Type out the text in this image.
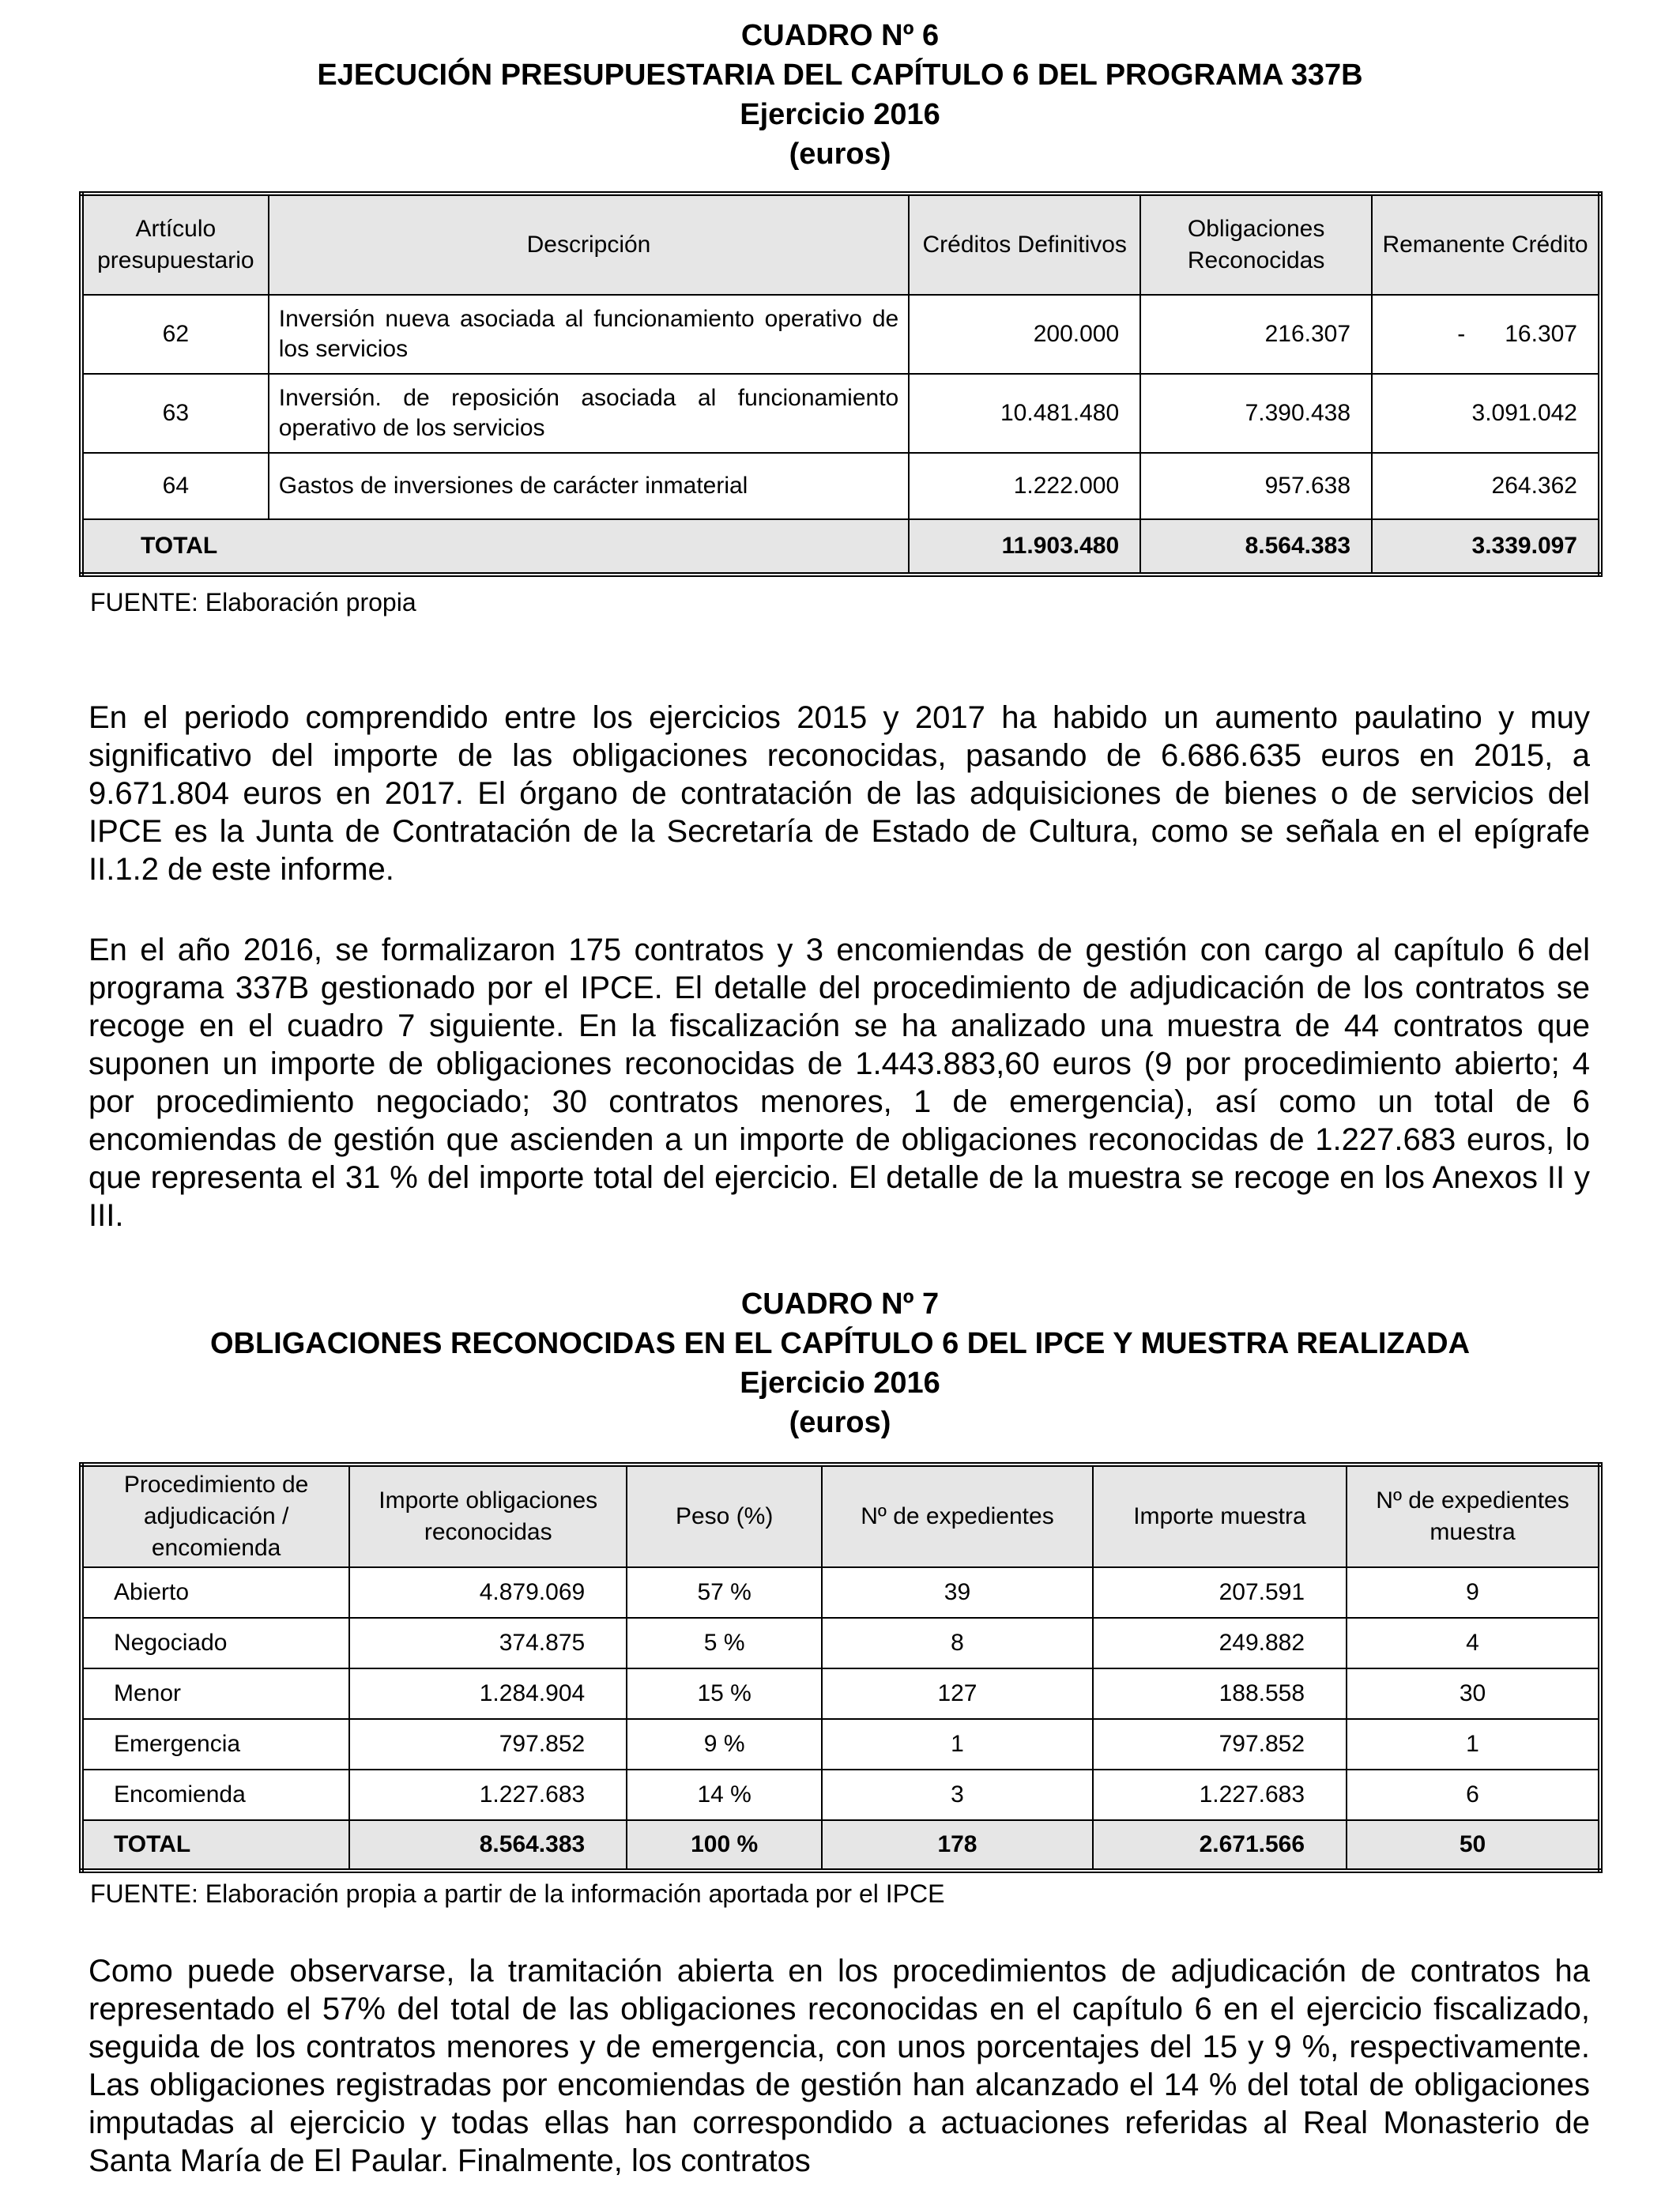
CUADRO Nº 6
EJECUCIÓN PRESUPUESTARIA DEL CAPÍTULO 6 DEL PROGRAMA 337B
Ejercicio 2016
(euros)
Artículo presupuestario	Descripción	Créditos Definitivos	Obligaciones Reconocidas	Remanente Crédito
62	Inversión nueva asociada al funcionamiento operativo de los servicios	200.000	216.307	-      16.307
63	Inversión. de reposición asociada al funcionamiento operativo de los servicios	10.481.480	7.390.438	3.091.042
64	Gastos de inversiones de carácter inmaterial	1.222.000	957.638	264.362
TOTAL		11.903.480	8.564.383	3.339.097
FUENTE: Elaboración propia

En el periodo comprendido entre los ejercicios 2015 y 2017 ha habido un aumento paulatino y muy significativo del importe de las obligaciones reconocidas, pasando de 6.686.635 euros en 2015, a 9.671.804 euros en 2017. El órgano de contratación de las adquisiciones de bienes o de servicios del IPCE es la Junta de Contratación de la Secretaría de Estado de Cultura, como se señala en el epígrafe II.1.2 de este informe.

En el año 2016, se formalizaron 175 contratos y 3 encomiendas de gestión con cargo al capítulo 6 del programa 337B gestionado por el IPCE. El detalle del procedimiento de adjudicación de los contratos se recoge en el cuadro 7 siguiente. En la fiscalización se ha analizado una muestra de 44 contratos que suponen un importe de obligaciones reconocidas de 1.443.883,60 euros (9 por procedimiento abierto; 4 por procedimiento negociado; 30 contratos menores, 1 de emergencia), así como un total de 6 encomiendas de gestión que ascienden a un importe de obligaciones reconocidas de 1.227.683 euros, lo que representa el 31 % del importe total del ejercicio. El detalle de la muestra se recoge en los Anexos II y III.

CUADRO Nº 7
OBLIGACIONES RECONOCIDAS EN EL CAPÍTULO 6 DEL IPCE Y MUESTRA REALIZADA
Ejercicio 2016
(euros)
Procedimiento de adjudicación / encomienda	Importe obligaciones reconocidas	Peso (%)	Nº de expedientes	Importe muestra	Nº de expedientes muestra
Abierto	4.879.069	57 %	39	207.591	9
Negociado	374.875	5 %	8	249.882	4
Menor	1.284.904	15 %	127	188.558	30
Emergencia	797.852	9 %	1	797.852	1
Encomienda	1.227.683	14 %	3	1.227.683	6
TOTAL	8.564.383	100 %	178	2.671.566	50
FUENTE: Elaboración propia a partir de la información aportada por el IPCE

Como puede observarse, la tramitación abierta en los procedimientos de adjudicación de contratos ha representado el 57% del total de las obligaciones reconocidas en el capítulo 6 en el ejercicio fiscalizado, seguida de los contratos menores y de emergencia, con unos porcentajes del 15 y 9 %, respectivamente. Las obligaciones registradas por encomiendas de gestión han alcanzado el 14 % del total de obligaciones imputadas al ejercicio y todas ellas han correspondido a actuaciones referidas al Real Monasterio de Santa María de El Paular. Finalmente, los contratos
